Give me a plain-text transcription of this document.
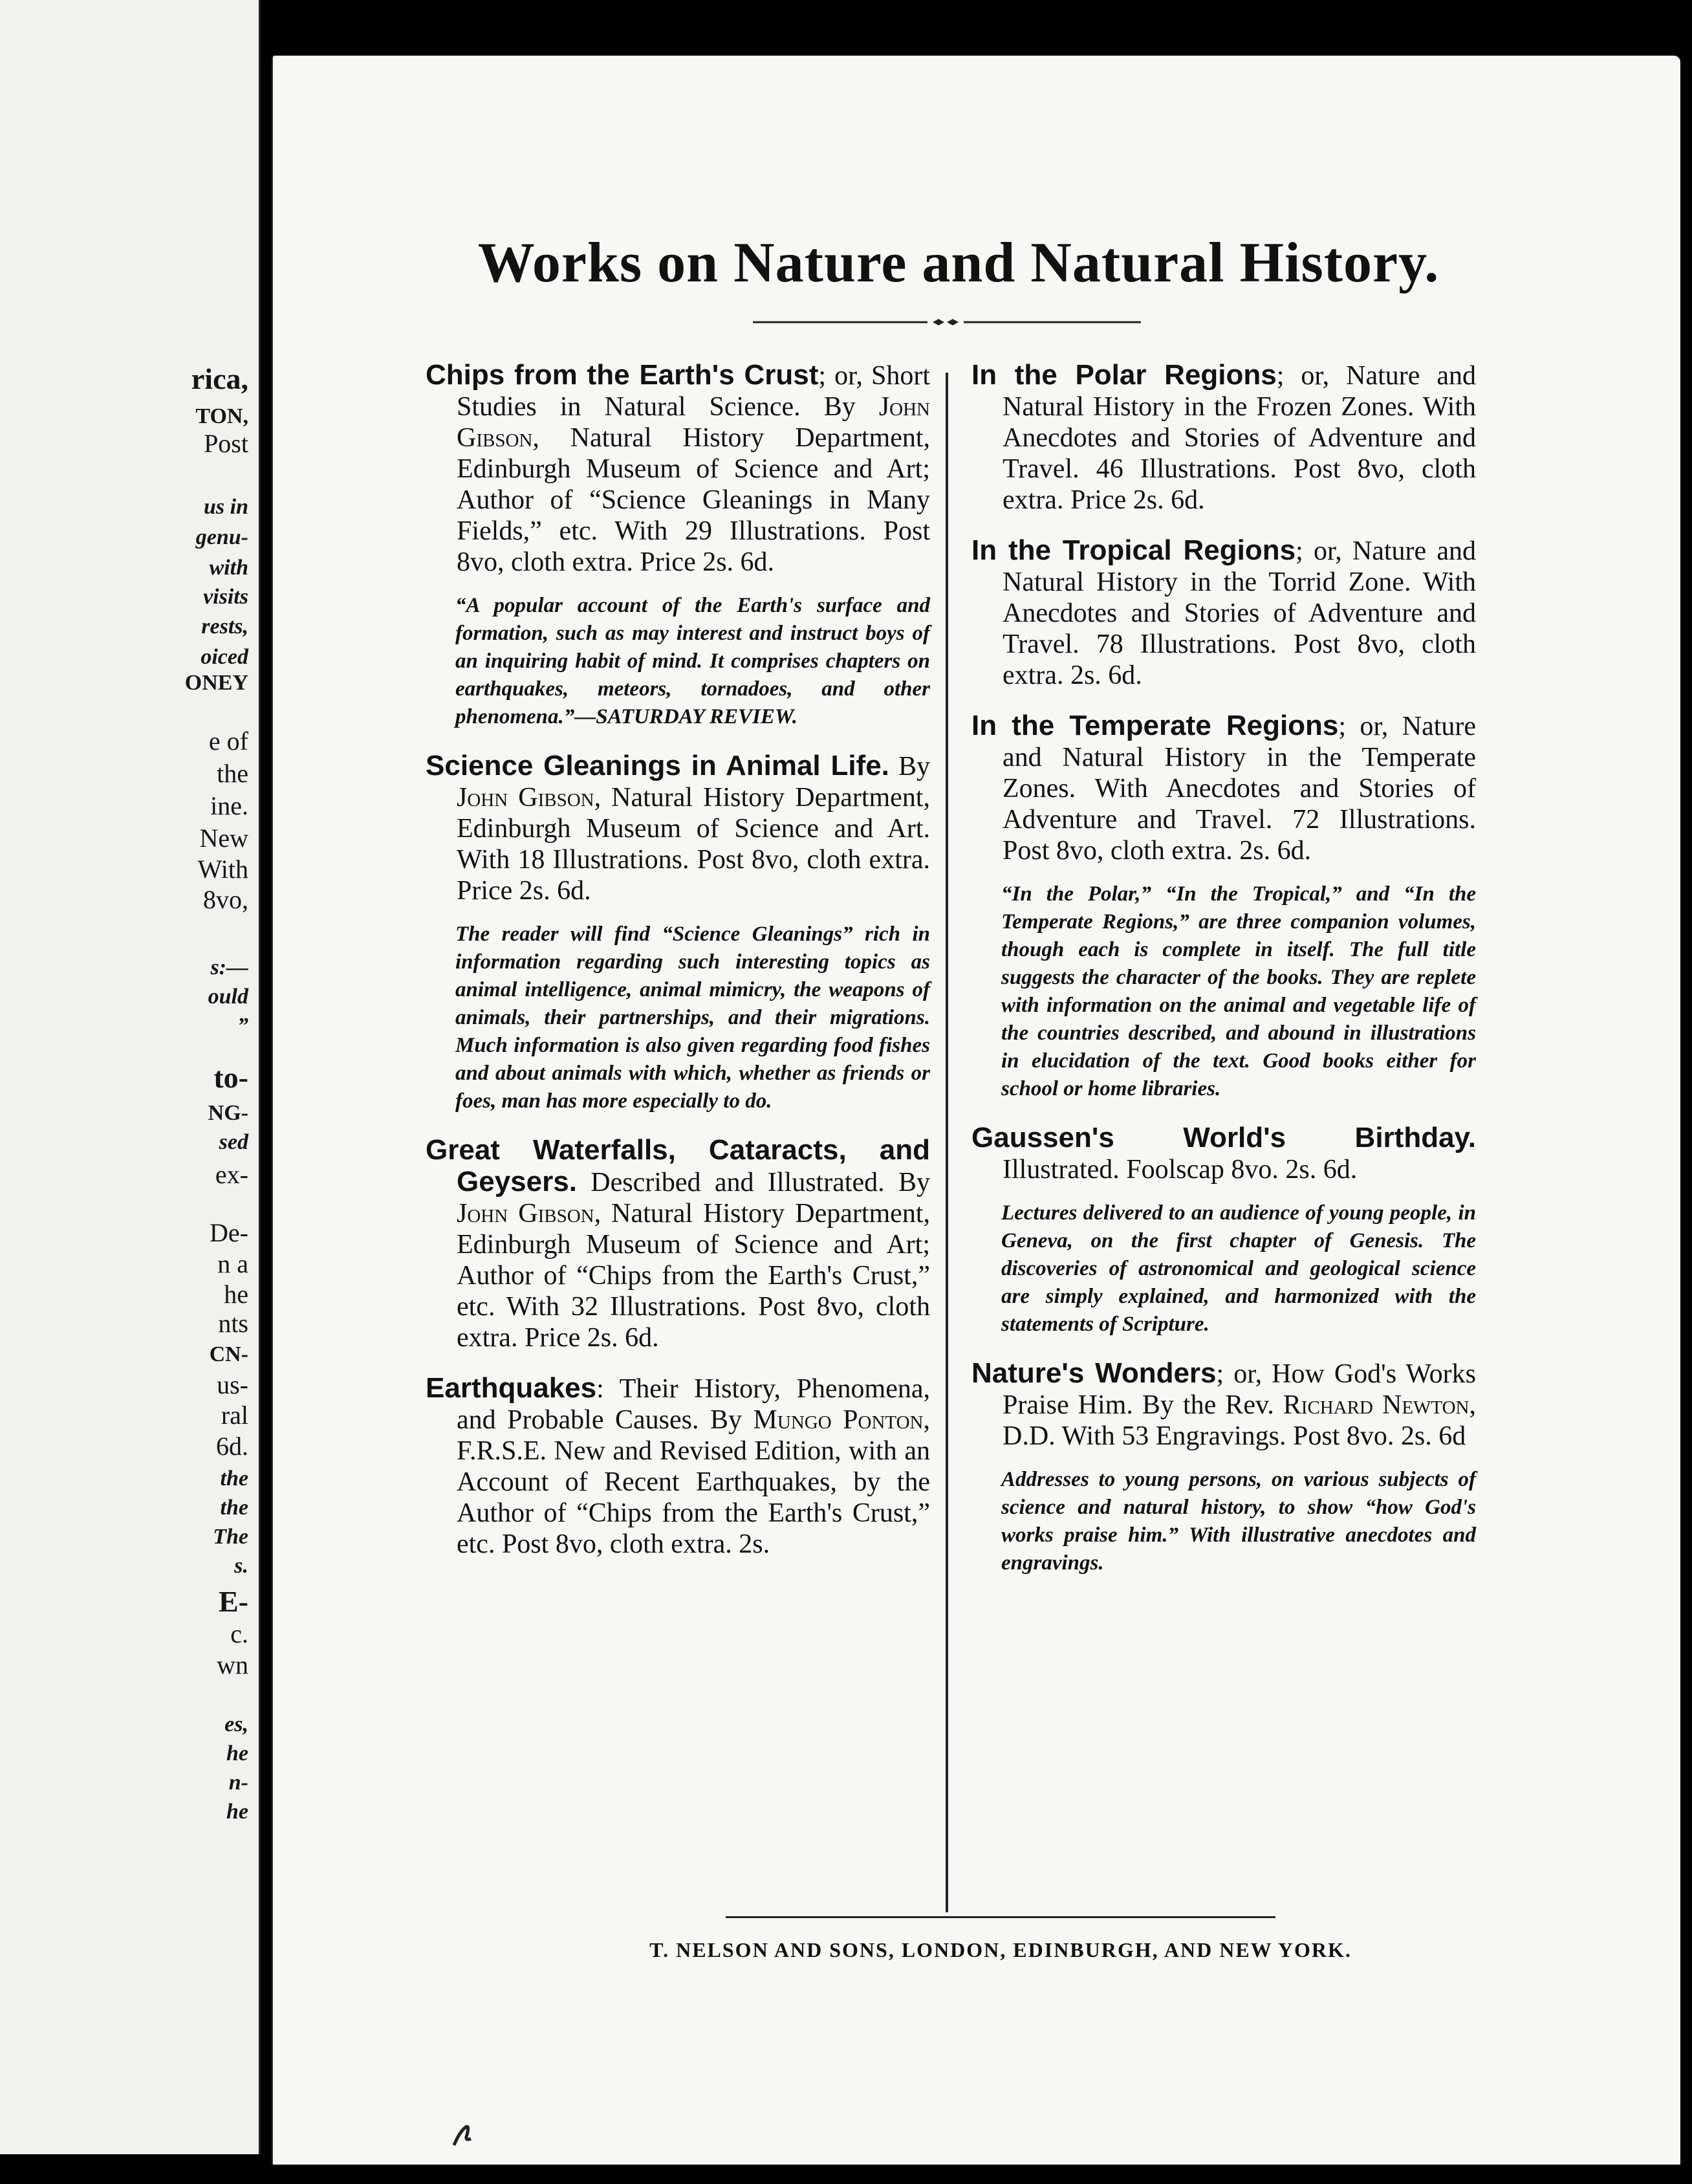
rica,
TON,
Post
us in
genu-
with
visits
rests,
oiced
ONEY
e of
the
ine.
New
With
8vo,
s:—
ould
”
to-
NG-
sed
ex-
De-
n a
he
nts
CN-
us-
ral
6d.
the
the
The
s.
E-
c.
wn
es,
he
n-
he
Works on Nature and Natural History.

Chips from the Earth's Crust; or, Short Studies in Natural Science. By John Gibson, Natural History Department, Edinburgh Museum of Science and Art; Author of “Science Gleanings in Many Fields,” etc. With 29 Illustrations. Post 8vo, cloth extra. Price 2s. 6d.

“A popular account of the Earth's surface and formation, such as may interest and instruct boys of an inquiring habit of mind. It comprises chapters on earthquakes, meteors, tornadoes, and other phenomena.”—SATURDAY REVIEW.

Science Gleanings in Animal Life. By John Gibson, Natural History Department, Edinburgh Museum of Science and Art. With 18 Illustrations. Post 8vo, cloth extra. Price 2s. 6d.

The reader will find “Science Gleanings” rich in information regarding such interesting topics as animal intelligence, animal mimicry, the weapons of animals, their partnerships, and their migrations. Much information is also given regarding food fishes and about animals with which, whether as friends or foes, man has more especially to do.

Great Waterfalls, Cataracts, and Geysers. Described and Illustrated. By John Gibson, Natural History Department, Edinburgh Museum of Science and Art; Author of “Chips from the Earth's Crust,” etc. With 32 Illustrations. Post 8vo, cloth extra. Price 2s. 6d.

Earthquakes: Their History, Phenomena, and Probable Causes. By Mungo Ponton, F.R.S.E. New and Revised Edition, with an Account of Recent Earthquakes, by the Author of “Chips from the Earth's Crust,” etc. Post 8vo, cloth extra. 2s.

In the Polar Regions; or, Nature and Natural History in the Frozen Zones. With Anecdotes and Stories of Adventure and Travel. 46 Illustrations. Post 8vo, cloth extra. Price 2s. 6d.

In the Tropical Regions; or, Nature and Natural History in the Torrid Zone. With Anecdotes and Stories of Adventure and Travel. 78 Illustrations. Post 8vo, cloth extra. 2s. 6d.

In the Temperate Regions; or, Nature and Natural History in the Temperate Zones. With Anecdotes and Stories of Adventure and Travel. 72 Illustrations. Post 8vo, cloth extra. 2s. 6d.

“In the Polar,” “In the Tropical,” and “In the Temperate Regions,” are three companion volumes, though each is complete in itself. The full title suggests the character of the books. They are replete with information on the animal and vegetable life of the countries described, and abound in illustrations in elucidation of the text. Good books either for school or home libraries.

Gaussen's World's Birthday. Illustrated. Foolscap 8vo. 2s. 6d.

Lectures delivered to an audience of young people, in Geneva, on the first chapter of Genesis. The discoveries of astronomical and geological science are simply explained, and harmonized with the statements of Scripture.

Nature's Wonders; or, How God's Works Praise Him. By the Rev. Richard Newton, D.D. With 53 Engravings. Post 8vo. 2s. 6d

Addresses to young persons, on various subjects of science and natural history, to show “how God's works praise him.” With illustrative anecdotes and engravings.

T. NELSON AND SONS, LONDON, EDINBURGH, AND NEW YORK.
